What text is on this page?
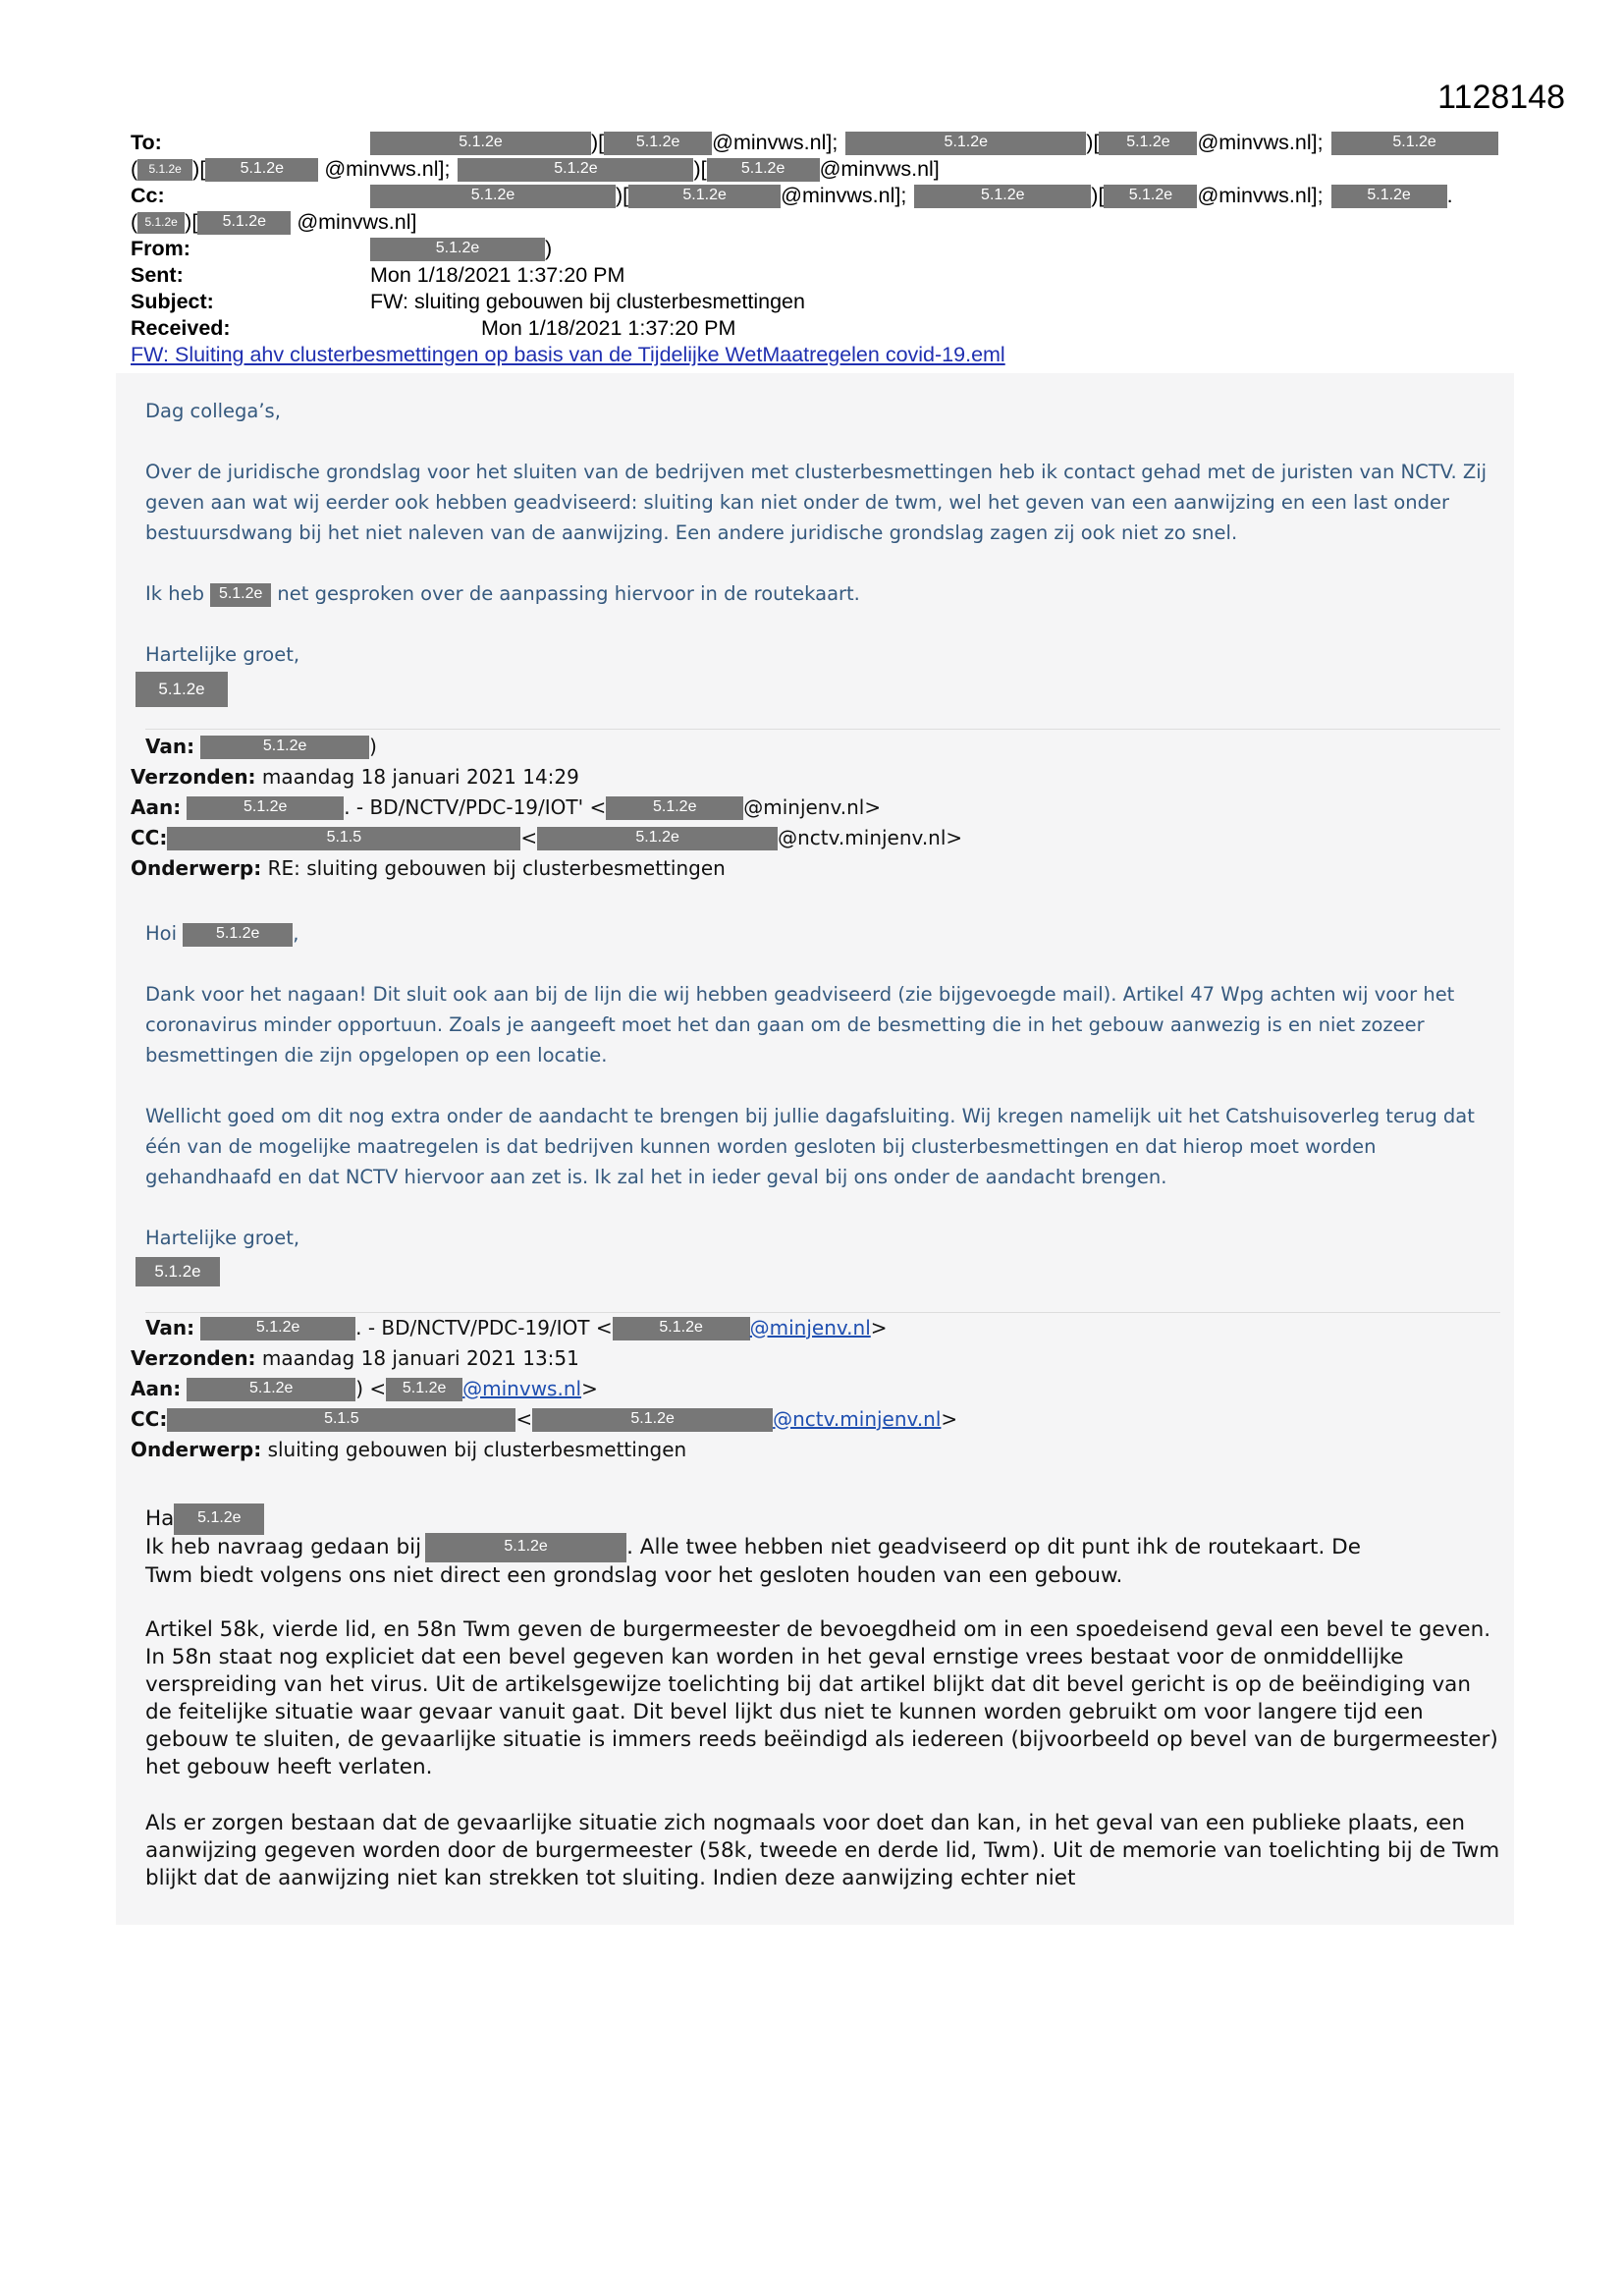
1128148
To:	5.1.2e	)[	5.1.2e	@minvws.nl];	5.1.2e	)[	5.1.2e	@minvws.nl];	5.1.2e
( 5.1.2e )[	5.1.2e	@minvws.nl];	5.1.2e	)[	5.1.2e	@minvws.nl]
Cc:	5.1.2e	)[	5.1.2e	@minvws.nl];	5.1.2e	)[	5.1.2e	@minvws.nl];	5.1.2e	.
( 5.1.2e )[	5.1.2e	@minvws.nl]
From:	5.1.2e	)
Sent:	Mon 1/18/2021 1:37:20 PM
Subject:	FW: sluiting gebouwen bij clusterbesmettingen
Received:	Mon 1/18/2021 1:37:20 PM
FW: Sluiting ahv clusterbesmettingen op basis van de Tijdelijke WetMaatregelen covid-19.eml
Dag collega’s,
Over de juridische grondslag voor het sluiten van de bedrijven met clusterbesmettingen heb ik contact gehad met de juristen van NCTV. Zij geven aan wat wij eerder ook hebben geadviseerd: sluiting kan niet onder de twm, wel het geven van een aanwijzing en een last onder bestuursdwang bij het niet naleven van de aanwijzing. Een andere juridische grondslag zagen zij ook niet zo snel.
Ik heb 5.1.2e net gesproken over de aanpassing hiervoor in de routekaart.
Hartelijke groet,
5.1.2e
Van:	5.1.2e	)
Verzonden:
maandag 18 januari 2021 14:29
Aan:	5.1.2e	. - BD/NCTV/PDC-19/IOT' <	5.1.2e	@minjenv.nl>
CC:	5.1.5	<	5.1.2e	@nctv.minjenv.nl>
Onderwerp:
RE: sluiting gebouwen bij clusterbesmettingen
Hoi 5.1.2e ,
Dank voor het nagaan! Dit sluit ook aan bij de lijn die wij hebben geadviseerd (zie bijgevoegde mail). Artikel 47 Wpg achten wij voor het coronavirus minder opportuun. Zoals je aangeeft moet het dan gaan om de besmetting die in het gebouw aanwezig is en niet zozeer besmettingen die zijn opgelopen op een locatie.
Wellicht goed om dit nog extra onder de aandacht te brengen bij jullie dagafsluiting. Wij kregen namelijk uit het Catshuisoverleg terug dat één van de mogelijke maatregelen is dat bedrijven kunnen worden gesloten bij clusterbesmettingen en dat hierop moet worden gehandhaafd en dat NCTV hiervoor aan zet is. Ik zal het in ieder geval bij ons onder de aandacht brengen.
Hartelijke groet,
5.1.2e
Van:	5.1.2e	. - BD/NCTV/PDC-19/IOT <	5.1.2e	@minjenv.nl >
Verzonden:
maandag 18 januari 2021 13:51
Aan:	5.1.2e	) <	5.1.2e @minvws.nl >
CC:	5.1.5	<	5.1.2e	@nctv.minjenv.nl >
Onderwerp:
sluiting gebouwen bij clusterbesmettingen
Ha 5.1.2e
Ik heb navraag gedaan bij	5.1.2e	. Alle twee hebben niet geadviseerd op dit punt ihk de routekaart. De
Twm biedt volgens ons niet direct een grondslag voor het gesloten houden van een gebouw.
Artikel 58k, vierde lid, en 58n Twm geven de burgermeester de bevoegdheid om in een spoedeisend geval een bevel te geven. In 58n staat nog expliciet dat een bevel gegeven kan worden in het geval ernstige vrees bestaat voor de onmiddellijke verspreiding van het virus. Uit de artikelsgewijze toelichting bij dat artikel blijkt dat dit bevel gericht is op de beëindiging van de feitelijke situatie waar gevaar vanuit gaat. Dit bevel lijkt dus niet te kunnen worden gebruikt om voor langere tijd een gebouw te sluiten, de gevaarlijke situatie is immers reeds beëindigd als iedereen (bijvoorbeeld op bevel van de burgermeester) het gebouw heeft verlaten.
Als er zorgen bestaan dat de gevaarlijke situatie zich nogmaals voor doet dan kan, in het geval van een publieke plaats, een aanwijzing gegeven worden door de burgermeester (58k, tweede en derde lid, Twm). Uit de memorie van toelichting bij de Twm blijkt dat de aanwijzing niet kan strekken tot sluiting. Indien deze aanwijzing echter niet
